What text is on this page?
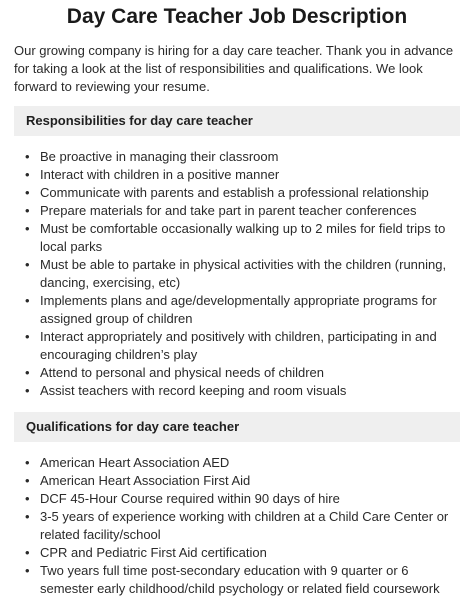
Day Care Teacher Job Description

Our growing company is hiring for a day care teacher. Thank you in advance for taking a look at the list of responsibilities and qualifications. We look forward to reviewing your resume.

Responsibilities for day care teacher
• Be proactive in managing their classroom
• Interact with children in a positive manner
• Communicate with parents and establish a professional relationship
• Prepare materials for and take part in parent teacher conferences
• Must be comfortable occasionally walking up to 2 miles for field trips to local parks
• Must be able to partake in physical activities with the children (running, dancing, exercising, etc)
• Implements plans and age/developmentally appropriate programs for assigned group of children
• Interact appropriately and positively with children, participating in and encouraging children’s play
• Attend to personal and physical needs of children
• Assist teachers with record keeping and room visuals
Qualifications for day care teacher
• American Heart Association AED
• American Heart Association First Aid
• DCF 45-Hour Course required within 90 days of hire
• 3-5 years of experience working with children at a Child Care Center or related facility/school
• CPR and Pediatric First Aid certification
• Two years full time post-secondary education with 9 quarter or 6 semester early childhood/child psychology or related field coursework
